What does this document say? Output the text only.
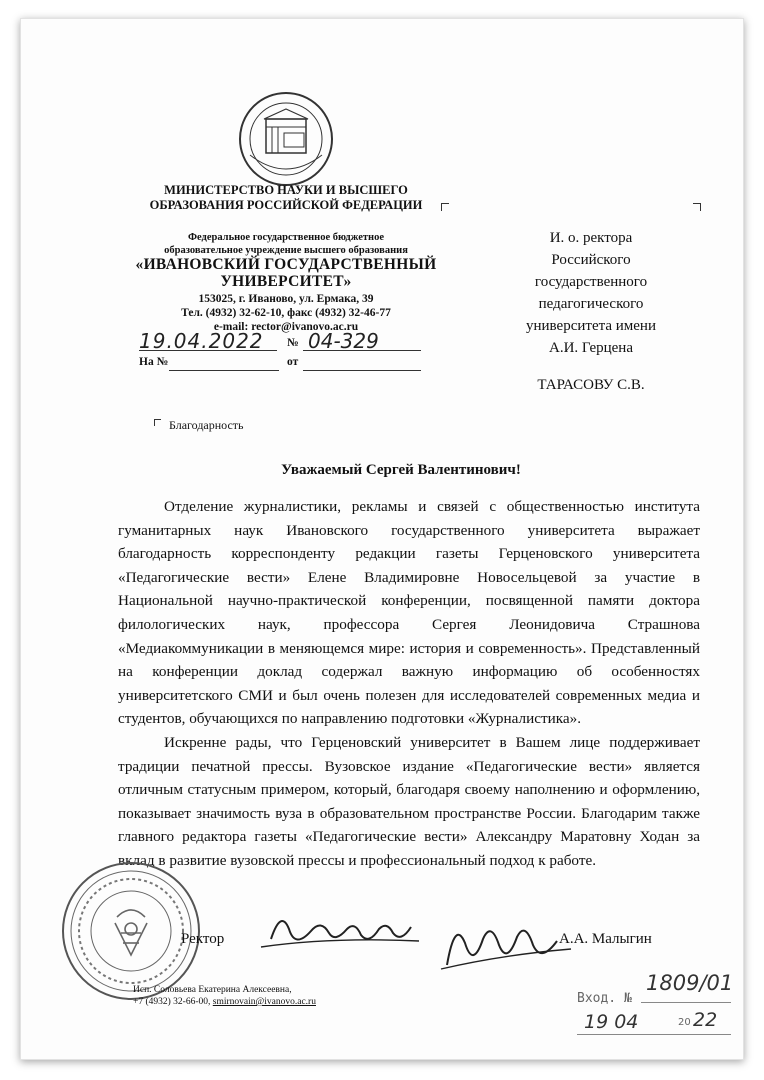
МИНИСТЕРСТВО НАУКИ И ВЫСШЕГО
ОБРАЗОВАНИЯ РОССИЙСКОЙ ФЕДЕРАЦИИ
Федеральное государственное бюджетное
образовательное учреждение высшего образования
«ИВАНОВСКИЙ ГОСУДАРСТВЕННЫЙ
УНИВЕРСИТЕТ»
153025, г. Иваново, ул. Ермака, 39
Тел. (4932) 32-62-10, факс (4932) 32-46-77
e-mail: rector@ivanovo.ac.ru
19.04.2022 № 04-329
На №	от
И. о. ректора
Российского
государственного
педагогического
университета имени
А.И. Герцена
ТАРАСОВУ С.В.
Благодарность
Уважаемый Сергей Валентинович!

Отделение журналистики, рекламы и связей с общественностью института гуманитарных наук Ивановского государственного университета выражает благодарность корреспонденту редакции газеты Герценовского университета «Педагогические вести» Елене Владимировне Новосельцевой за участие в Национальной научно-практической конференции, посвященной памяти доктора филологических наук, профессора Сергея Леонидовича Страшнова «Медиакоммуникации в меняющемся мире: история и современность». Представленный на конференции доклад содержал важную информацию об особенностях университетского СМИ и был очень полезен для исследователей современных медиа и студентов, обучающихся по направлению подготовки «Журналистика».

Искренне рады, что Герценовский университет в Вашем лице поддерживает традиции печатной прессы. Вузовское издание «Педагогические вести» является отличным статусным примером, который, благодаря своему наполнению и оформлению, показывает значимость вуза в образовательном пространстве России. Благодарим также главного редактора газеты «Педагогические вести» Александру Маратовну Ходан за вклад в развитие вузовской прессы и профессиональный подход к работе.

Ректор	А.А. Малыгин
Исп. Соловьева Екатерина Алексеевна,
+7 (4932) 32-66-00, smirnovain@ivanovo.ac.ru	Вход. №
1809/01
19 04	20 22
